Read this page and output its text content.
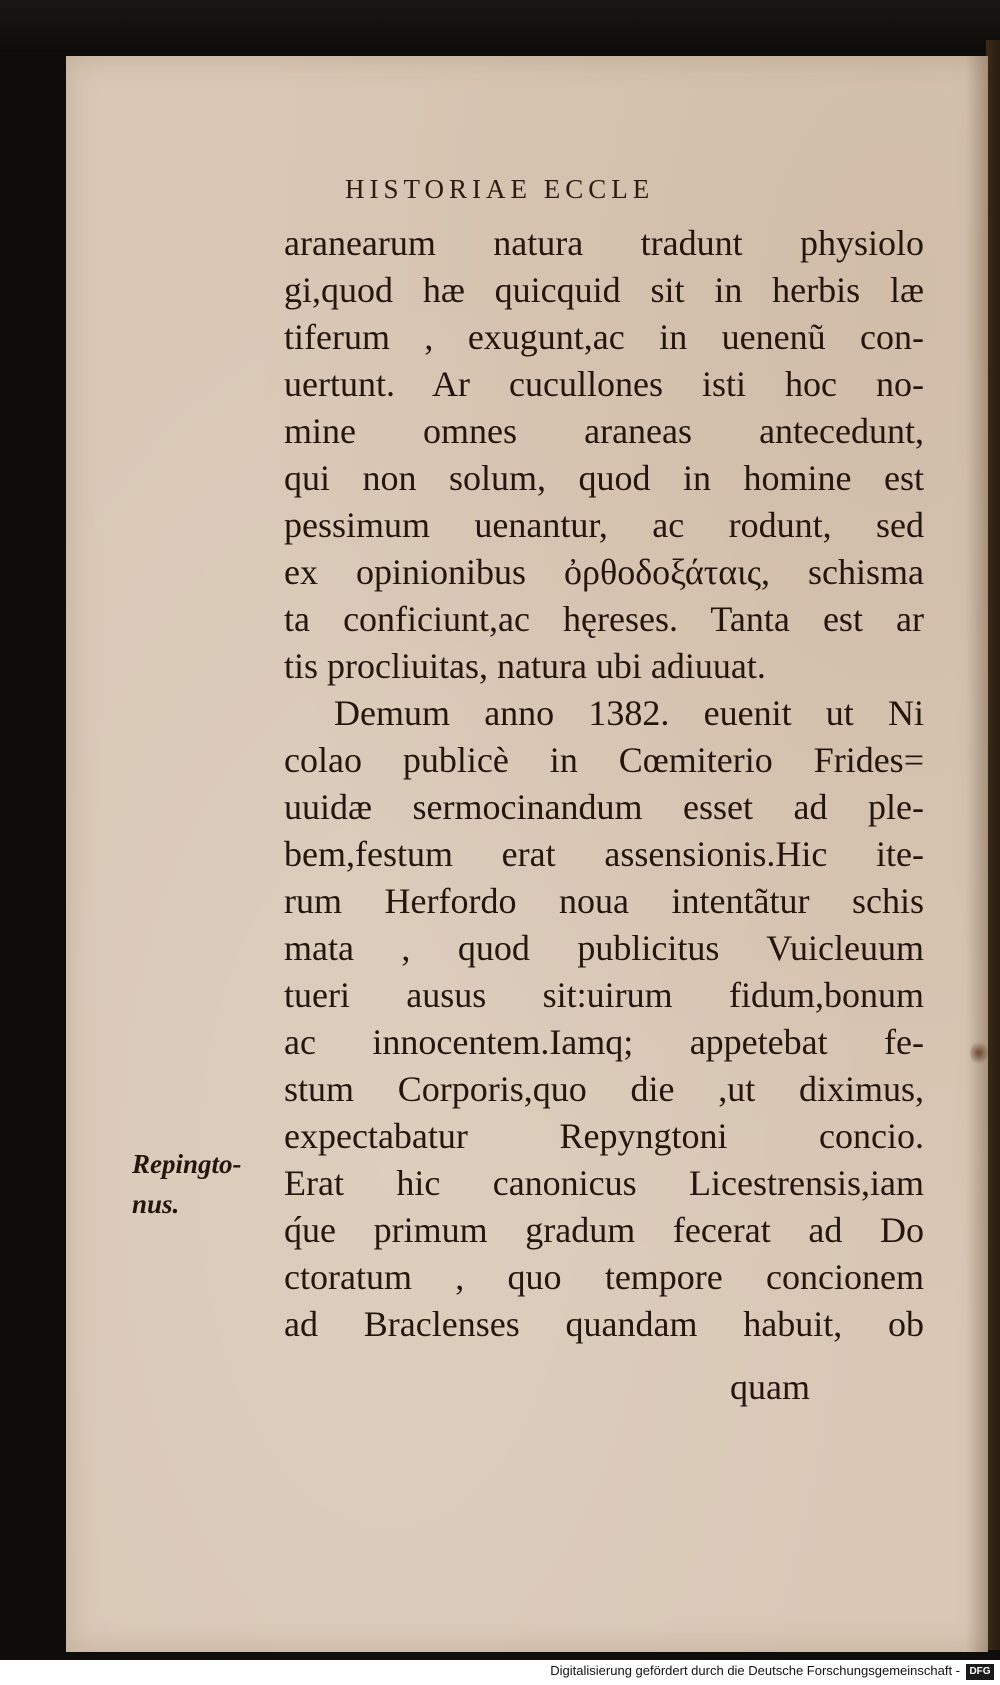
HISTORIAE ECCLE
aranearum natura tradunt physiolo
gi,quod hæ quicquid sit in herbis læ
tiferum , exugunt,ac in uenenũ con-
uertunt. Ar cucullones isti hoc no-
mine omnes araneas antecedunt,
qui non solum, quod in homine est
pessimum uenantur, ac rodunt, sed
ex opinionibus ὀρθοδοξάταις, schisma
ta conficiunt,ac hęreses. Tanta est ar
tis procliuitas, natura ubi adiuuat.
Demum anno 1382. euenit ut Ni
colao publicè in Cœmiterio Frides=
uuidæ sermocinandum esset ad ple-
bem,festum erat assensionis.Hic ite-
rum Herfordo noua intentãtur schis
mata , quod publicitus Vuicleuum
tueri ausus sit:uirum fidum,bonum
ac innocentem.Iamq; appetebat fe-
stum Corporis,quo die ,ut diximus,
expectabatur Repyngtoni concio.
Erat hic canonicus Licestrensis,iam
q́ue primum gradum fecerat ad Do
ctoratum , quo tempore concionem
ad Braclenses quandam habuit, ob
quam
Repingto-
nus.
Digitalisierung gefördert durch die Deutsche Forschungsgemeinschaft - DFG
